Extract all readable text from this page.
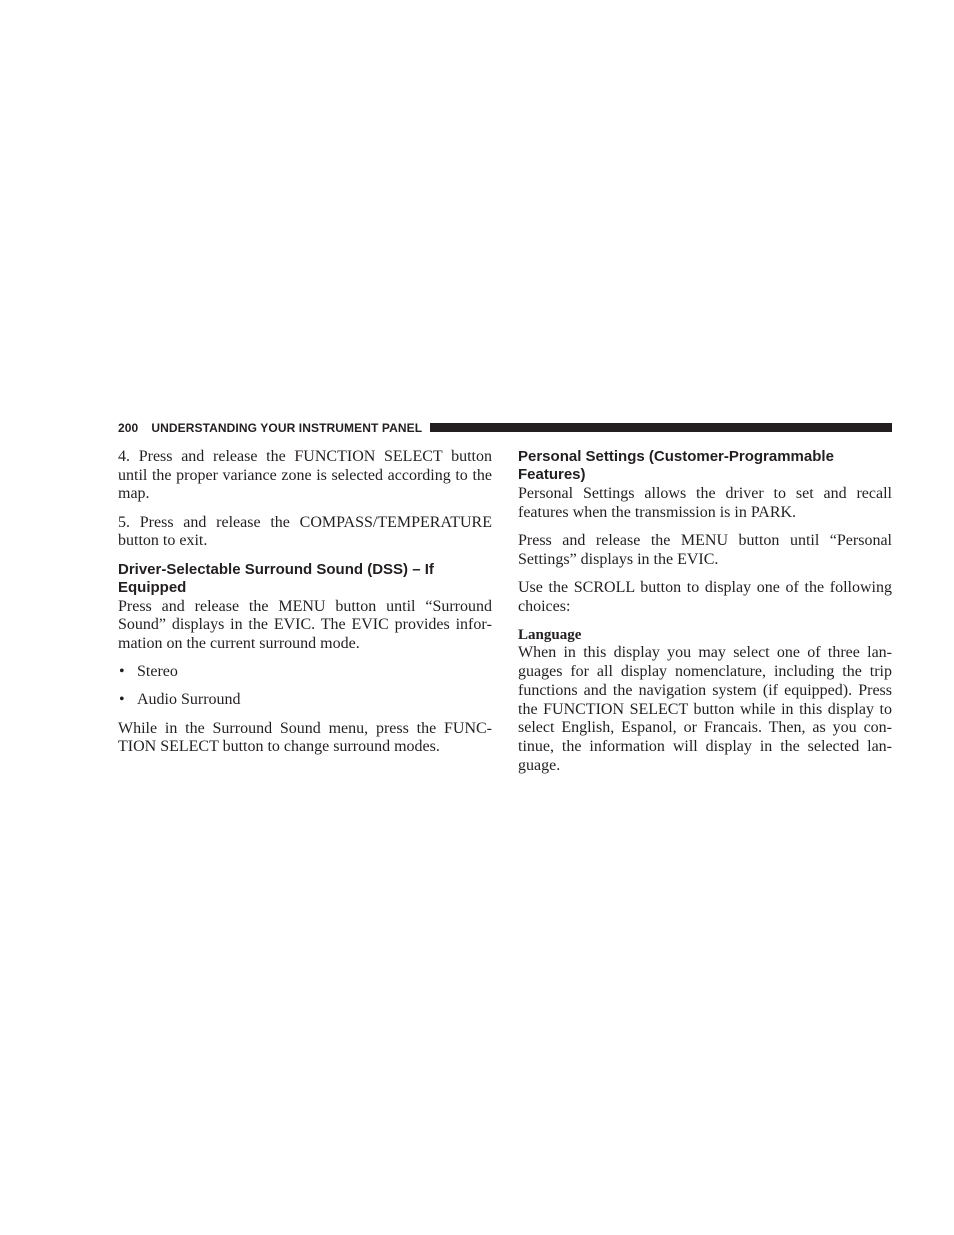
200 UNDERSTANDING YOUR INSTRUMENT PANEL

4. Press and release the FUNCTION SELECT button until the proper variance zone is selected according to the map.

5. Press and release the COMPASS/TEMPERATURE button to exit.

Driver-Selectable Surround Sound (DSS) – If Equipped

Press and release the MENU button until “Surround Sound” displays in the EVIC. The EVIC provides information on the current surround mode.

• Stereo
• Audio Surround

While in the Surround Sound menu, press the FUNCTION SELECT button to change surround modes.

Personal Settings (Customer-Programmable Features)

Personal Settings allows the driver to set and recall features when the transmission is in PARK.

Press and release the MENU button until “Personal Settings” displays in the EVIC.

Use the SCROLL button to display one of the following choices:

Language

When in this display you may select one of three languages for all display nomenclature, including the trip functions and the navigation system (if equipped). Press the FUNCTION SELECT button while in this display to select English, Espanol, or Francais. Then, as you continue, the information will display in the selected language.
